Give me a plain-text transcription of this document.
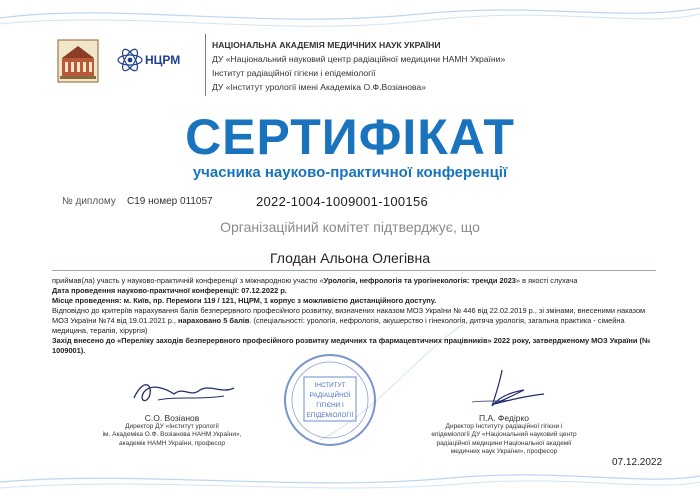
НЦРМ
НАЦІОНАЛЬНА АКАДЕМІЯ МЕДИЧНИХ НАУК УКРАЇНИ
ДУ «Національний науковий центр радіаційної медицини НАМН України»
Інститут радіаційної гігієни і епідеміології
ДУ «Інститут урології імені Академіка О.Ф.Возіанова»
СЕРТИФІКАТ
учасника науково-практичної конференції
№ диплому С19 номер 011057	2022-1004-1009001-100156
Організаційний комітет підтверджує, що
Глодан Альона Олегівна

приймав(ла) участь у науково-практичній конференції з міжнародною участю «Урологія, нефрологія та урогінекологія: тренди 2023» в якості слухача

Дата проведення науково-практичної конференції: 07.12.2022 р.

Місце проведення: м. Київ, пр. Перемоги 119 / 121, НЦРМ, 1 корпус з можливістю дистанційного доступу.

Відповідно до критеріїв нарахування балів безперервного професійного розвитку, визначених наказом МОЗ України № 446 від 22.02.2019 р., зі змінами, внесеними наказом МОЗ України №74 від 19.01.2021 р., нараховано 5 балів. (спеціальності: урологія, нефрологія, акушерство і гінекологія, дитяча урологія, загальна практика - сімейна медицина, терапія, хірургія)

Захід внесено до «Переліку заходів безперервного професійного розвитку медичних та фармацевтичних працівників» 2022 року, затвердженому МОЗ України (№ 1009001).

ІНСТИТУТ
РАДІАЦІЙНОЇ
ГІГІЄНИ І
ЕПІДЕМІОЛОГІЇ
С.О. Возіанов
Директор ДУ «Інститут урології
ім. Академіка О.Ф. Возіанова НАНМ України»,
академік НАМН України, професор
П.А. Федірко
Директор Інституту радіаційної гігієни і
епідеміології ДУ «Національний науковий центр
радіаційної медицини Національної академії
медичних наук України», професор
07.12.2022
